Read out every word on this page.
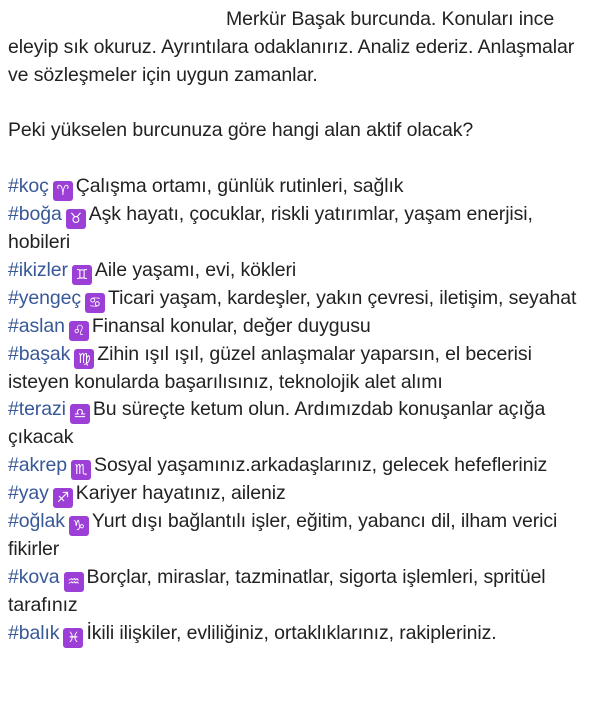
Merkür Başak burcunda. Konuları ince
eleyip sık okuruz. Ayrıntılara odaklanırız. Analiz ederiz. Anlaşmalar ve sözleşmeler için uygun zamanlar.
Peki yükselen burcunuza göre hangi alan aktif olacak?
#koç ♈ Çalışma ortamı, günlük rutinleri, sağlık
#boğa ♉ Aşk hayatı, çocuklar, riskli yatırımlar, yaşam enerjisi, hobileri
#ikizler ♊ Aile yaşamı, evi, kökleri
#yengeç ♋ Ticari yaşam, kardeşler, yakın çevresi, iletişim, seyahat
#aslan ♌ Finansal konular, değer duygusu
#başak ♍ Zihin ışıl ışıl, güzel anlaşmalar yaparsın, el becerisi isteyen konularda başarılısınız, teknolojik alet alımı
#terazi ♎ Bu süreçte ketum olun. Ardımızdab konuşanlar açığa çıkacak
#akrep ♏ Sosyal yaşamınız.arkadaşlarınız, gelecek hefefleriniz
#yay ♐ Kariyer hayatınız, aileniz
#oğlak ♑ Yurt dışı bağlantılı işler, eğitim, yabancı dil, ilham verici fikirler
#kova ♒ Borçlar, miraslar, tazminatlar, sigorta işlemleri, spritüel tarafınız
#balık ♓ İkili ilişkiler, evliliğiniz, ortaklıklarınız, rakipleriniz.
